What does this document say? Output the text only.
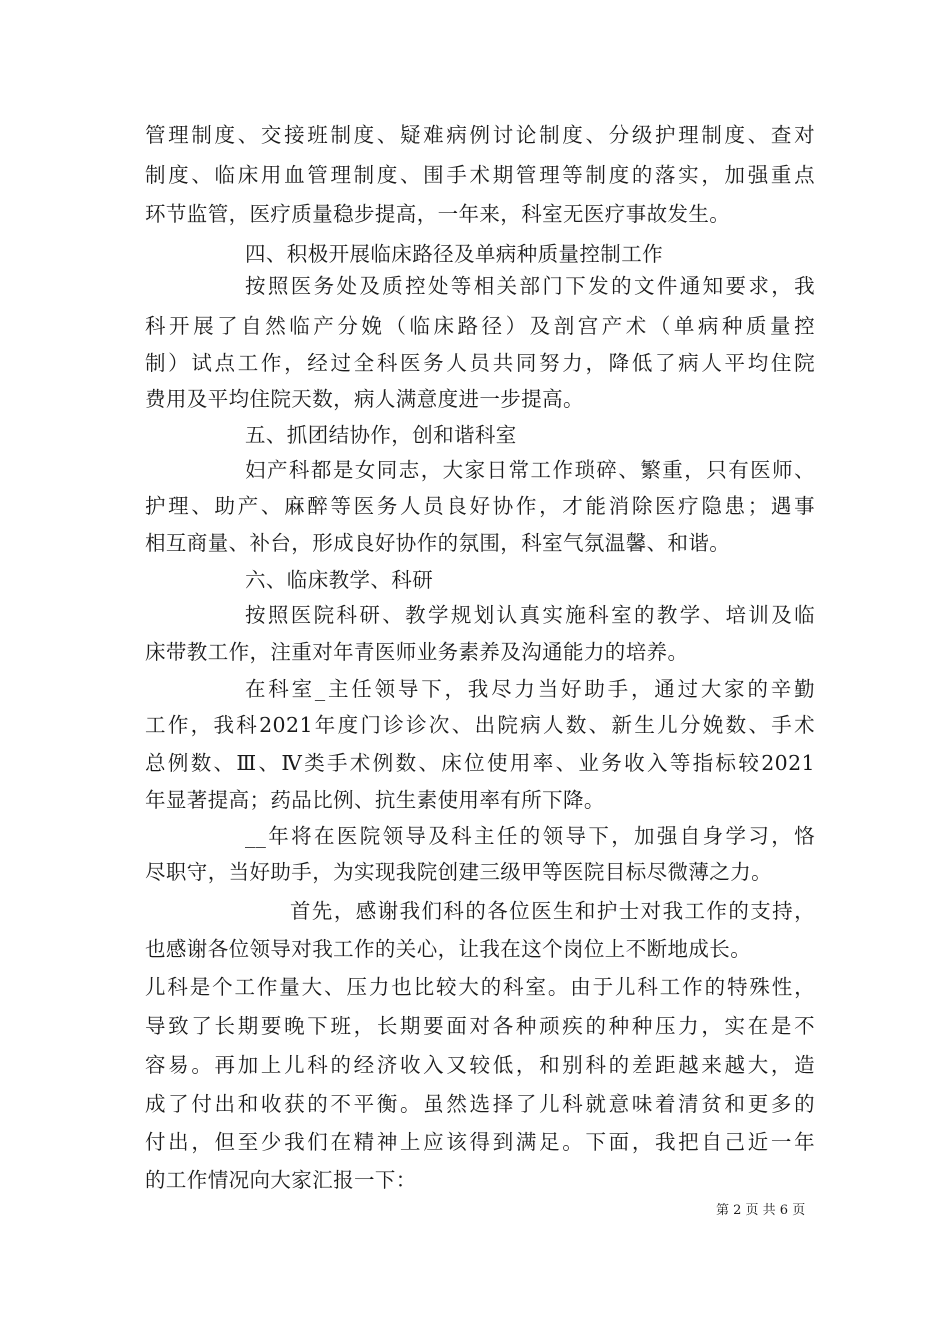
管理制度、交接班制度、疑难病例讨论制度、分级护理制度、查对
制度、临床用血管理制度、围手术期管理等制度的落实，加强重点
环节监管，医疗质量稳步提高，一年来，科室无医疗事故发生。
四、积极开展临床路径及单病种质量控制工作
按照医务处及质控处等相关部门下发的文件通知要求，我
科开展了自然临产分娩（临床路径）及剖宫产术（单病种质量控
制）试点工作，经过全科医务人员共同努力，降低了病人平均住院
费用及平均住院天数，病人满意度进一步提高。
五、抓团结协作，创和谐科室
妇产科都是女同志，大家日常工作琐碎、繁重，只有医师、
护理、助产、麻醉等医务人员良好协作，才能消除医疗隐患；遇事
相互商量、补台，形成良好协作的氛围，科室气氛温馨、和谐。
六、临床教学、科研
按照医院科研、教学规划认真实施科室的教学、培训及临
床带教工作，注重对年青医师业务素养及沟通能力的培养。
在科室_主任领导下，我尽力当好助手，通过大家的辛勤
工作，我科2021年度门诊诊次、出院病人数、新生儿分娩数、手术
总例数、Ⅲ、Ⅳ类手术例数、床位使用率、业务收入等指标较2021
年显著提高；药品比例、抗生素使用率有所下降。
__年将在医院领导及科主任的领导下，加强自身学习，恪
尽职守，当好助手，为实现我院创建三级甲等医院目标尽微薄之力。
首先，感谢我们科的各位医生和护士对我工作的支持，
也感谢各位领导对我工作的关心，让我在这个岗位上不断地成长。
儿科是个工作量大、压力也比较大的科室。由于儿科工作的特殊性，
导致了长期要晚下班，长期要面对各种顽疾的种种压力，实在是不
容易。再加上儿科的经济收入又较低，和别科的差距越来越大，造
成了付出和收获的不平衡。虽然选择了儿科就意味着清贫和更多的
付出，但至少我们在精神上应该得到满足。下面，我把自己近一年
的工作情况向大家汇报一下：
第 2 页 共 6 页
